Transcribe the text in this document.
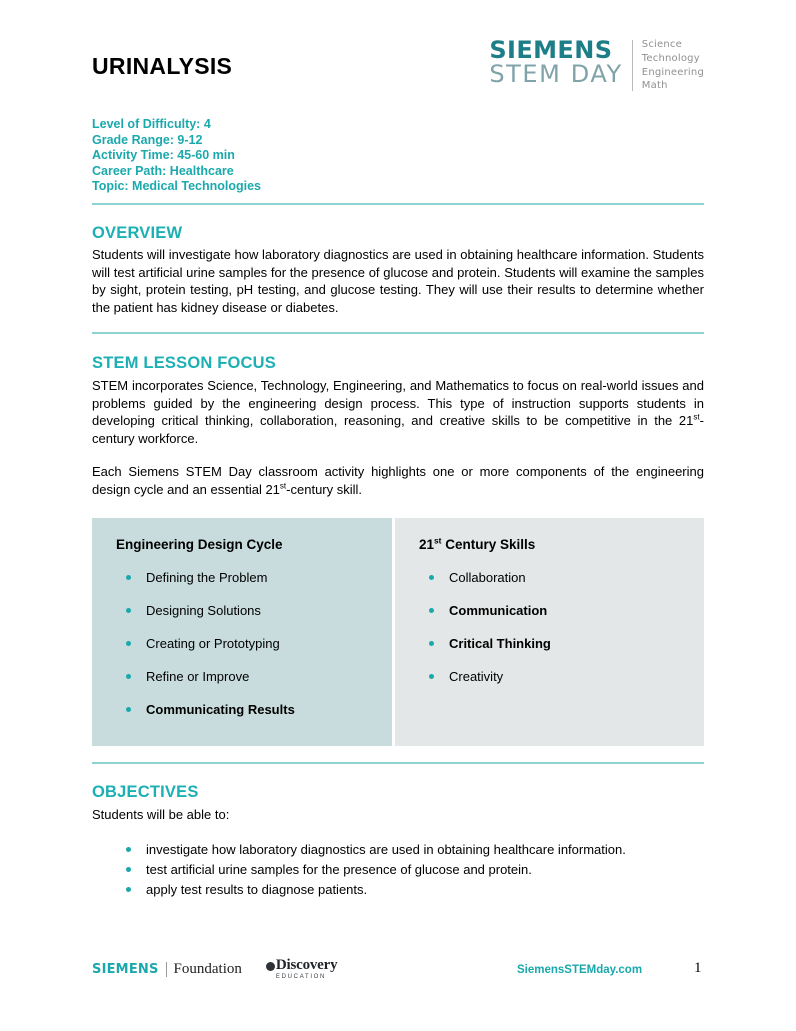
URINALYSIS
SIEMENS
STEM DAY
Science
Technology
Engineering
Math
Level of Difficulty: 4
Grade Range: 9-12
Activity Time: 45-60 min
Career Path: Healthcare
Topic: Medical Technologies
OVERVIEW

Students will investigate how laboratory diagnostics are used in obtaining healthcare information. Students will test artificial urine samples for the presence of glucose and protein. Students will examine the samples by sight, protein testing, pH testing, and glucose testing. They will use their results to determine whether the patient has kidney disease or diabetes.

STEM LESSON FOCUS

STEM incorporates Science, Technology, Engineering, and Mathematics to focus on real-world issues and problems guided by the engineering design process. This type of instruction supports students in developing critical thinking, collaboration, reasoning, and creative skills to be competitive in the 21st-century workforce.

Each Siemens STEM Day classroom activity highlights one or more components of the engineering design cycle and an essential 21st-century skill.

Engineering Design Cycle
Defining the Problem
Designing Solutions
Creating or Prototyping
Refine or Improve
Communicating Results
21st Century Skills
Collaboration
Communication
Critical Thinking
Creativity
OBJECTIVES

Students will be able to:

investigate how laboratory diagnostics are used in obtaining healthcare information.
test artificial urine samples for the presence of glucose and protein.
apply test results to diagnose patients.
SIEMENS Foundation Discovery
EDUCATION
SiemensSTEMday.com	1
